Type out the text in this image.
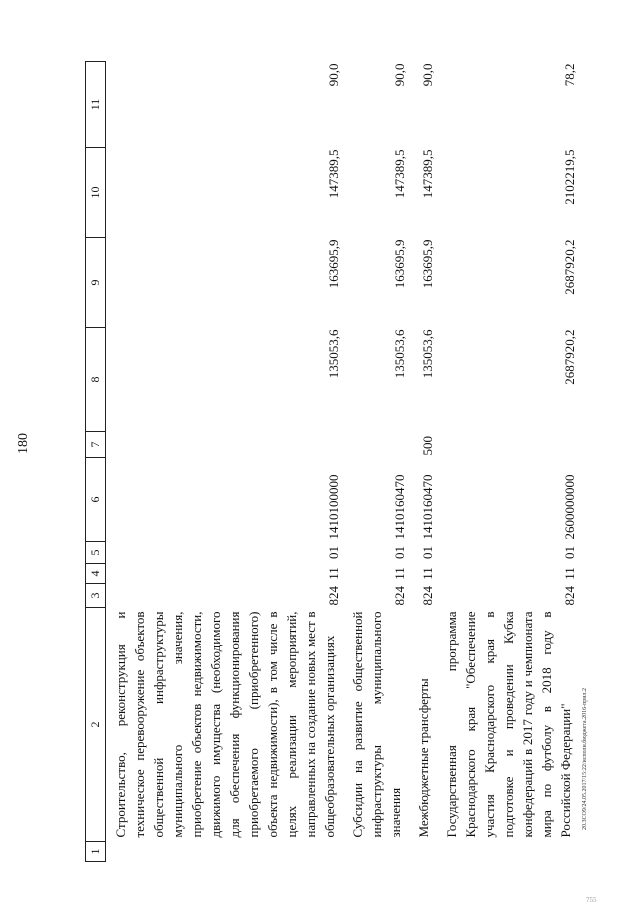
180
1	2	3	4	5	6	7	8	9	10	11
	Строительство, реконструкция и техническое перевооружение объектов общественной инфраструктуры муниципального значения, приобретение объектов недвижимости, движимого имущества (необходимого для обеспечения функционирования приобретаемого (приобретенного) объекта недвижимости), в том числе в целях реализации мероприятий, направленных на создание новых мест в общеобразовательных организациях	824	11	01	1410100000		135053,6	163695,9	147389,5	90,0
	Субсидии на развитие общественной инфраструктуры муниципального значения	824	11	01	1410160470		135053,6	163695,9	147389,5	90,0
	Межбюджетные трансферты	824	11	01	1410160470	500	135053,6	163695,9	147389,5	90,0
	Государственная программа Краснодарского края "Обеспечение участия Краснодарского края в подготовке и проведении Кубка конфедераций в 2017 году и чемпионата мира по футболу в 2018 году в Российской Федерации"	824	11	01	2600000000		2687920,2	2687920,2	2102219,5	78,2
20.3СО9/24.05.2017/15:22/исполн.бюджета.2016-прил.2
755
